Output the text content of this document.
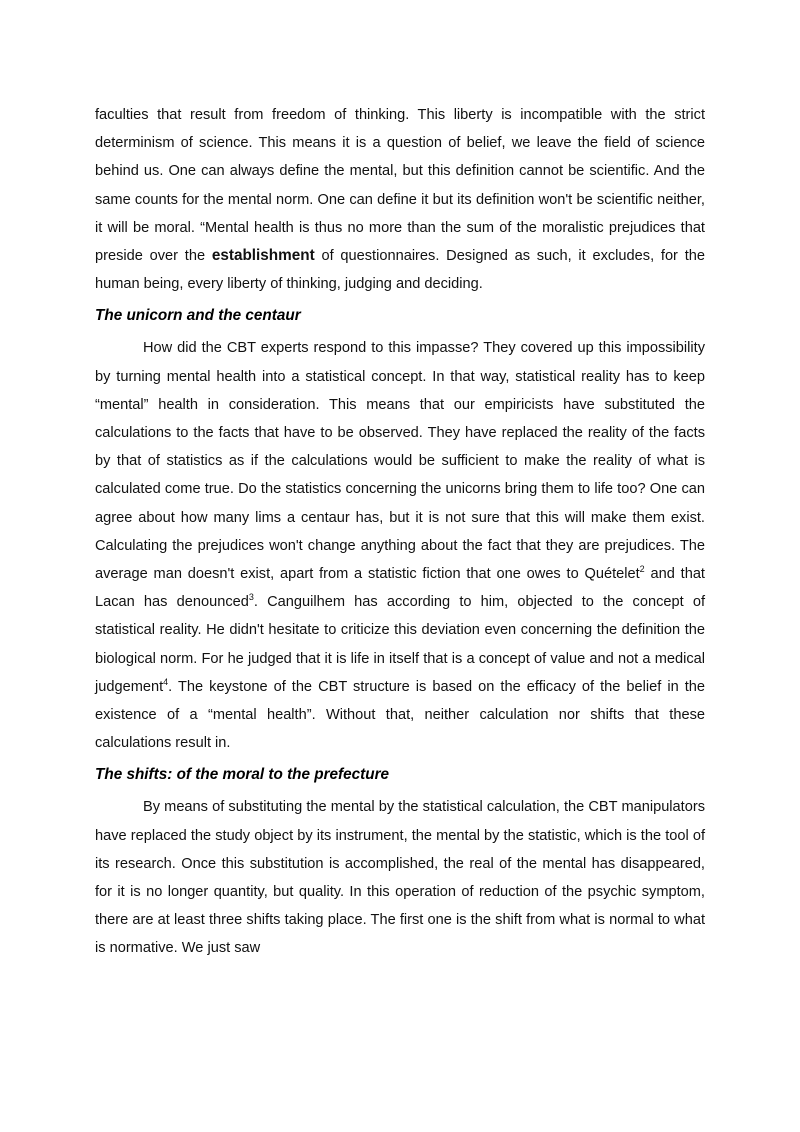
faculties that result from freedom of thinking. This liberty is incompatible with the strict determinism of science. This means it is a question of belief, we leave the field of science behind us. One can always define the mental, but this definition cannot be scientific. And the same counts for the mental norm. One can define it but its definition won't be scientific neither, it will be moral. “Mental health is thus no more than the sum of the moralistic prejudices that preside over the establishment of questionnaires. Designed as such, it excludes, for the human being, every liberty of thinking, judging and deciding.

The unicorn and the centaur

How did the CBT experts respond to this impasse? They covered up this impossibility by turning mental health into a statistical concept. In that way, statistical reality has to keep “mental” health in consideration. This means that our empiricists have substituted the calculations to the facts that have to be observed. They have replaced the reality of the facts by that of statistics as if the calculations would be sufficient to make the reality of what is calculated come true. Do the statistics concerning the unicorns bring them to life too? One can agree about how many lims a centaur has, but it is not sure that this will make them exist. Calculating the prejudices won't change anything about the fact that they are prejudices. The average man doesn't exist, apart from a statistic fiction that one owes to Quételet$^2$ and that Lacan has denounced$^3$. Canguilhem has according to him, objected to the concept of statistical reality. He didn't hesitate to criticize this deviation even concerning the definition the biological norm. For he judged that it is life in itself that is a concept of value and not a medical judgement$^4$. The keystone of the CBT structure is based on the efficacy of the belief in the existence of a “mental health”. Without that, neither calculation nor shifts that these calculations result in.

The shifts: of the moral to the prefecture

By means of substituting the mental by the statistical calculation, the CBT manipulators have replaced the study object by its instrument, the mental by the statistic, which is the tool of its research. Once this substitution is accomplished, the real of the mental has disappeared, for it is no longer quantity, but quality. In this operation of reduction of the psychic symptom, there are at least three shifts taking place. The first one is the shift from what is normal to what is normative. We just saw
